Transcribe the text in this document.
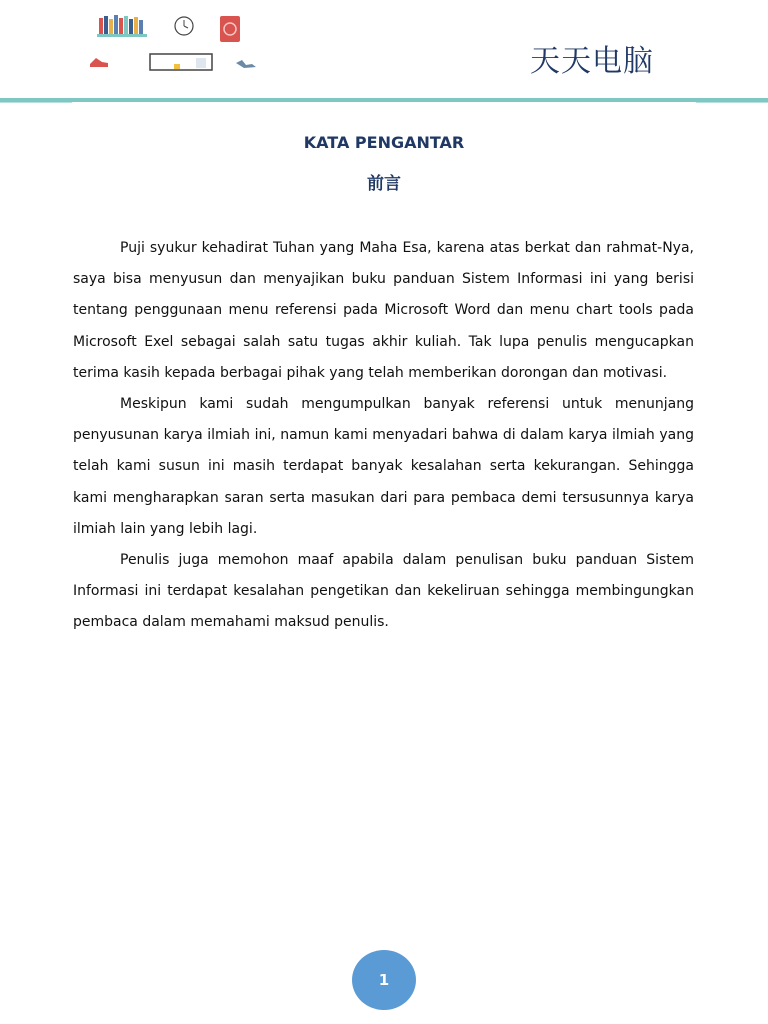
天天电脑
KATA PENGANTAR
前言

Puji syukur kehadirat Tuhan yang Maha Esa, karena atas berkat dan rahmat-Nya, saya bisa menyusun dan menyajikan buku panduan Sistem Informasi ini yang berisi tentang penggunaan menu referensi pada Microsoft Word dan menu chart tools pada Microsoft Exel sebagai salah satu tugas akhir kuliah. Tak lupa penulis mengucapkan terima kasih kepada berbagai pihak yang telah memberikan dorongan dan motivasi.

Meskipun kami sudah mengumpulkan banyak referensi untuk menunjang penyusunan karya ilmiah ini, namun kami menyadari bahwa di dalam karya ilmiah yang telah kami susun ini masih terdapat banyak kesalahan serta kekurangan. Sehingga kami mengharapkan saran serta masukan dari para pembaca demi tersusunnya karya ilmiah lain yang lebih lagi.

Penulis juga memohon maaf apabila dalam penulisan buku panduan Sistem Informasi ini terdapat kesalahan pengetikan dan kekeliruan sehingga membingungkan pembaca dalam memahami maksud penulis.

1
